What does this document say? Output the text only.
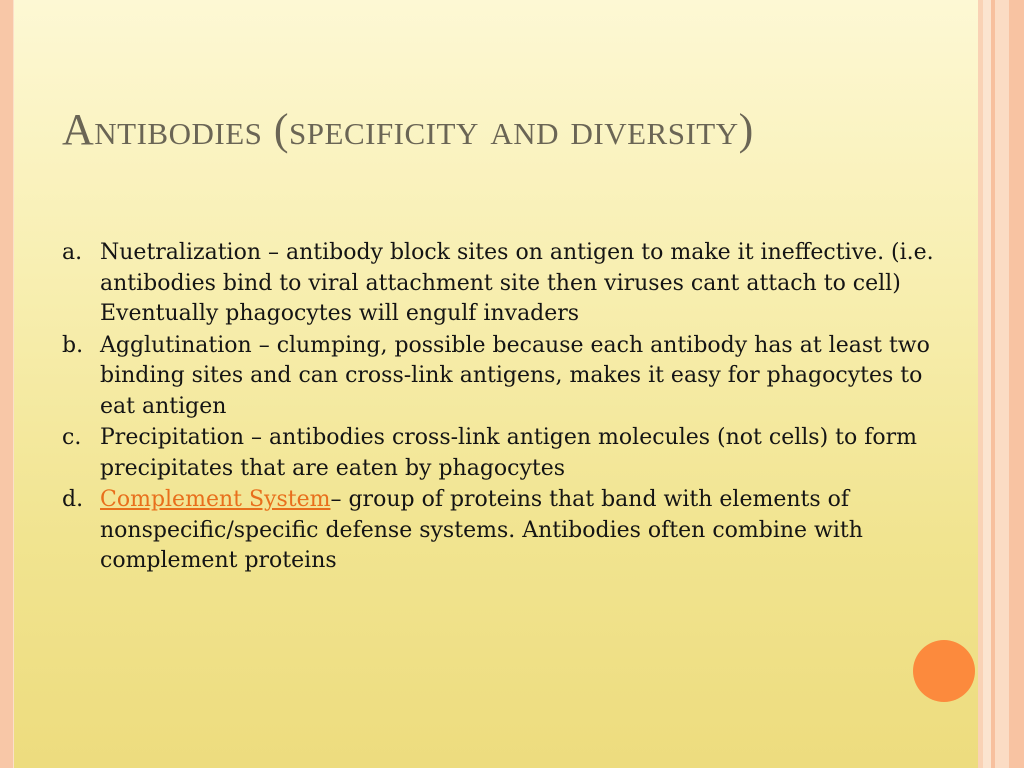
Antibodies (specificity and diversity)
a. Nuetralization – antibody block sites on antigen to make it ineffective. (i.e. antibodies bind to viral attachment site then viruses cant attach to cell) Eventually phagocytes will engulf invaders
b. Agglutination – clumping, possible because each antibody has at least two binding sites and can cross-link antigens, makes it easy for phagocytes to eat antigen
c. Precipitation – antibodies cross-link antigen molecules (not cells) to form precipitates that are eaten by phagocytes
d. Complement System– group of proteins that band with elements of nonspecific/specific defense systems. Antibodies often combine with complement proteins
